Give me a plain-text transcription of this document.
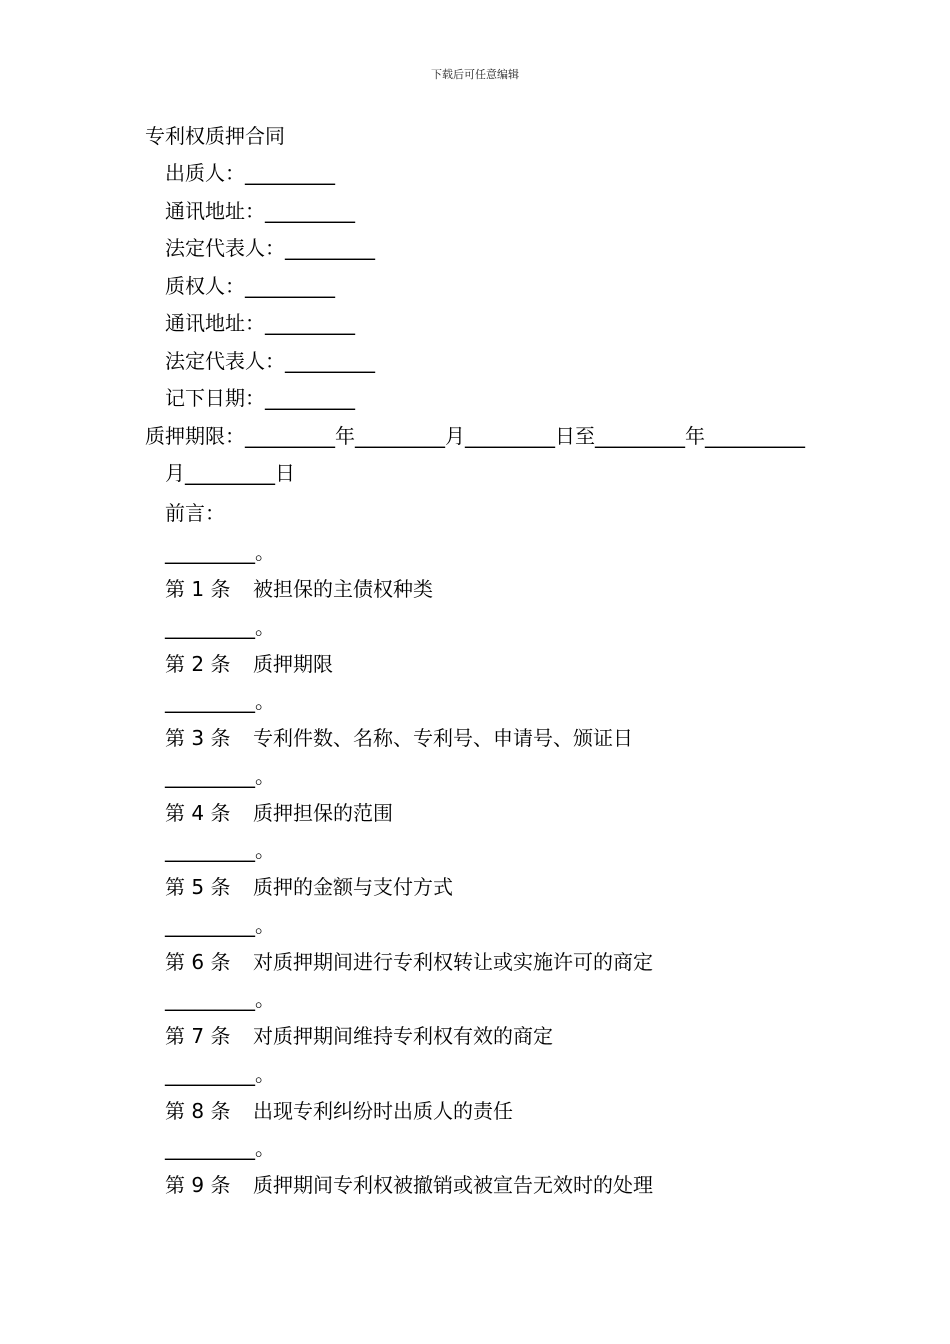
下载后可任意编辑
专利权质押合同
出质人：_________
通讯地址：_________
法定代表人：_________
质权人：_________
通讯地址：_________
法定代表人：_________
记下日期：_________
质押期限：_________年_________月_________日至_________年__________月_________日
前言：
_________。
第 1 条 被担保的主债权种类
_________。
第 2 条 质押期限
_________。
第 3 条 专利件数、名称、专利号、申请号、颁证日
_________。
第 4 条 质押担保的范围
_________。
第 5 条 质押的金额与支付方式
_________。
第 6 条 对质押期间进行专利权转让或实施许可的商定
_________。
第 7 条 对质押期间维持专利权有效的商定
_________。
第 8 条 出现专利纠纷时出质人的责任
_________。
第 9 条 质押期间专利权被撤销或被宣告无效时的处理
